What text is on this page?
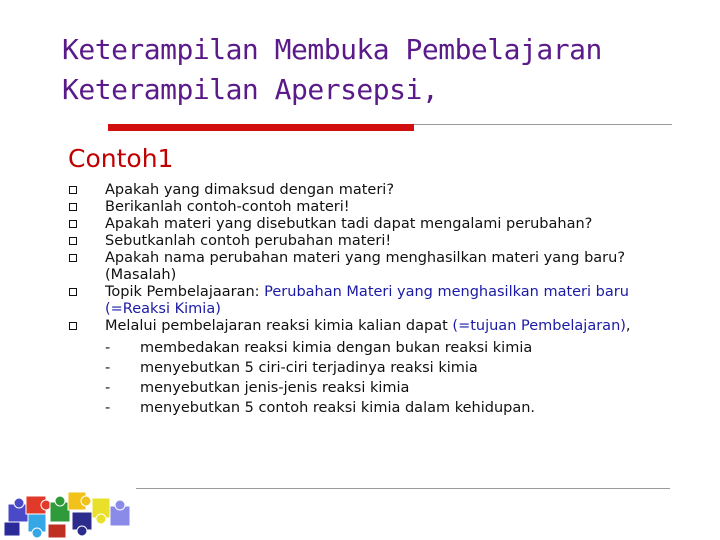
Keterampilan Membuka Pembelajaran
Keterampilan Apersepsi,
Contoh1
Apakah yang dimaksud dengan materi?
Berikanlah contoh-contoh materi!
Apakah materi yang disebutkan tadi dapat mengalami perubahan?
Sebutkanlah contoh perubahan materi!
Apakah nama perubahan materi yang menghasilkan materi yang baru? (Masalah)
Topik Pembelajaaran: Perubahan Materi yang menghasilkan materi baru (=Reaksi Kimia)
Melalui pembelajaran reaksi kimia kalian dapat (=tujuan Pembelajaran),
- membedakan reaksi kimia dengan bukan reaksi kimia
- menyebutkan 5 ciri-ciri terjadinya reaksi kimia
- menyebutkan jenis-jenis reaksi kimia
- menyebutkan 5 contoh reaksi kimia dalam kehidupan.
